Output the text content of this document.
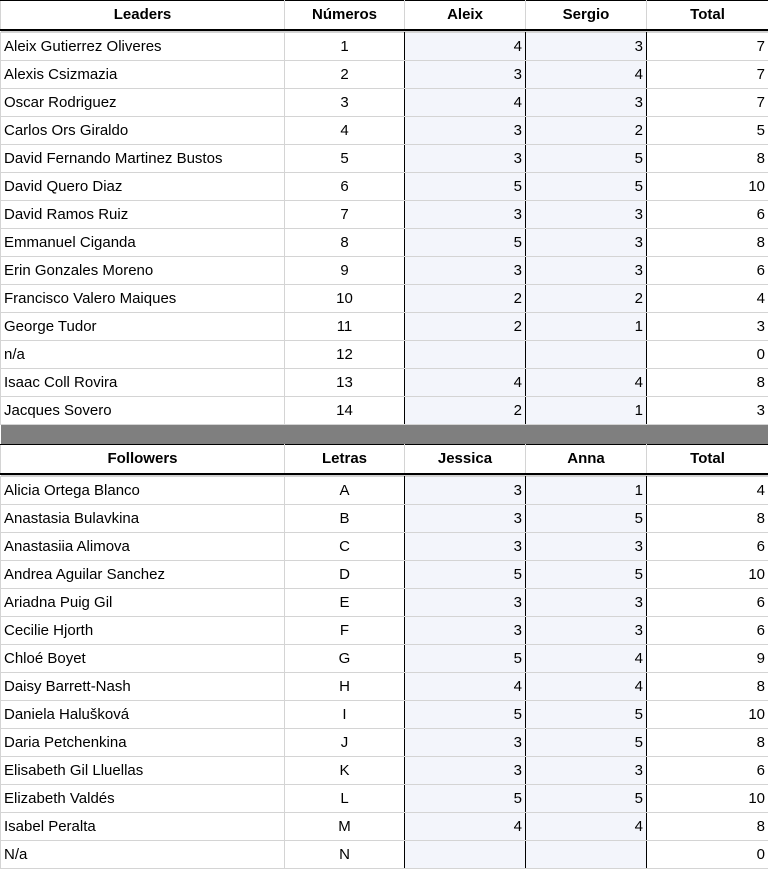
Leaders	Números	Aleix	Sergio	Total

Aleix Gutierrez Oliveres	1	4	3	7
Alexis Csizmazia	2	3	4	7
Oscar Rodriguez	3	4	3	7
Carlos Ors Giraldo	4	3	2	5
David Fernando Martinez Bustos	5	3	5	8
David Quero Diaz	6	5	5	10
David Ramos Ruiz	7	3	3	6
Emmanuel Ciganda	8	5	3	8
Erin Gonzales Moreno	9	3	3	6
Francisco Valero Maiques	10	2	2	4
George Tudor	11	2	1	3
n/a	12			0
Isaac Coll Rovira	13	4	4	8
Jacques Sovero	14	2	1	3

Followers	Letras	Jessica	Anna	Total

Alicia Ortega Blanco	A	3	1	4
Anastasia Bulavkina	B	3	5	8
Anastasiia Alimova	C	3	3	6
Andrea Aguilar Sanchez	D	5	5	10
Ariadna Puig Gil	E	3	3	6
Cecilie Hjorth	F	3	3	6
Chloé Boyet	G	5	4	9
Daisy Barrett-Nash	H	4	4	8
Daniela Halušková	I	5	5	10
Daria Petchenkina	J	3	5	8
Elisabeth Gil Lluellas	K	3	3	6
Elizabeth Valdés	L	5	5	10
Isabel Peralta	M	4	4	8
N/a	N			0
